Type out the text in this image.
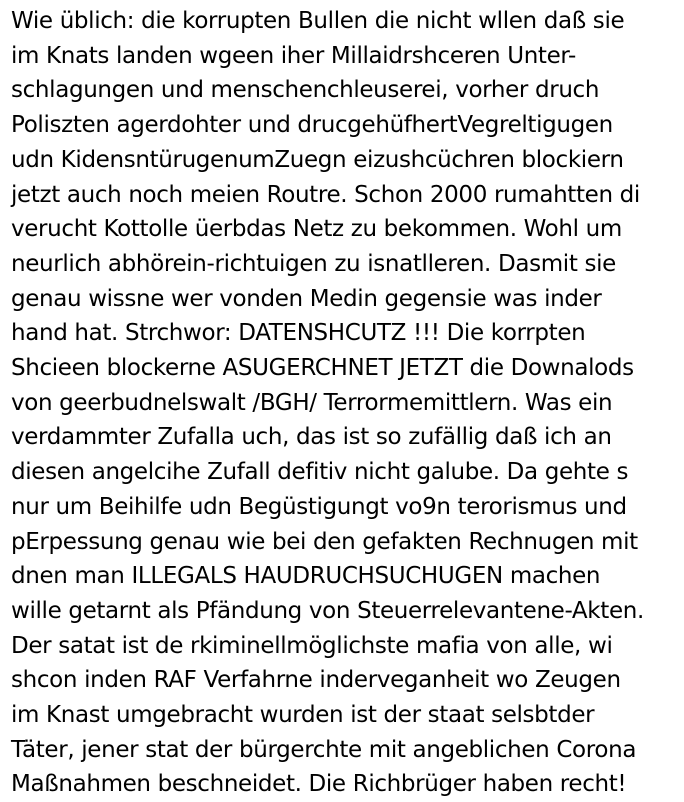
Wie üblich: die korrupten Bullen die nicht wllen daß sie
im Knats landen wgeen iher Millaidrshceren Unter-
schlagungen und menschenchleuserei, vorher druch
Poliszten agerdohter und drucgehüfhertVegreltigugen
udn KidensntürugenumZuegn eizushcüchren blockiern
jetzt auch noch meien Routre. Schon 2000 rumahtten di
verucht Kottolle üerbdas Netz zu bekommen. Wohl um
neurlich abhörein-richtuigen zu isnatlleren. Dasmit sie
genau wissne wer vonden Medin gegensie was inder
hand hat. Strchwor: DATENSHCUTZ !!! Die korrpten
Shcieen blockerne ASUGERCHNET JETZT die Downalods
von geerbudnelswalt /BGH/ Terrormemittlern. Was ein
verdammter Zufalla uch, das ist so zufällig daß ich an
diesen angelcihe Zufall defitiv nicht galube. Da gehte s
nur um Beihilfe udn Begüstigungt vo9n terorismus und
pErpessung genau wie bei den gefakten Rechnugen mit
dnen man ILLEGALS HAUDRUCHSUCHUGEN machen
wille getarnt als Pfändung von Steuerrelevantene-Akten.
Der satat ist de rkiminellmöglichste mafia von alle, wi
shcon inden RAF Verfahrne inderveganheit wo Zeugen
im Knast umgebracht wurden ist der staat selsbtder
Täter, jener stat der bürgerchte mit angeblichen Corona
Maßnahmen beschneidet. Die Richbrüger haben recht!
